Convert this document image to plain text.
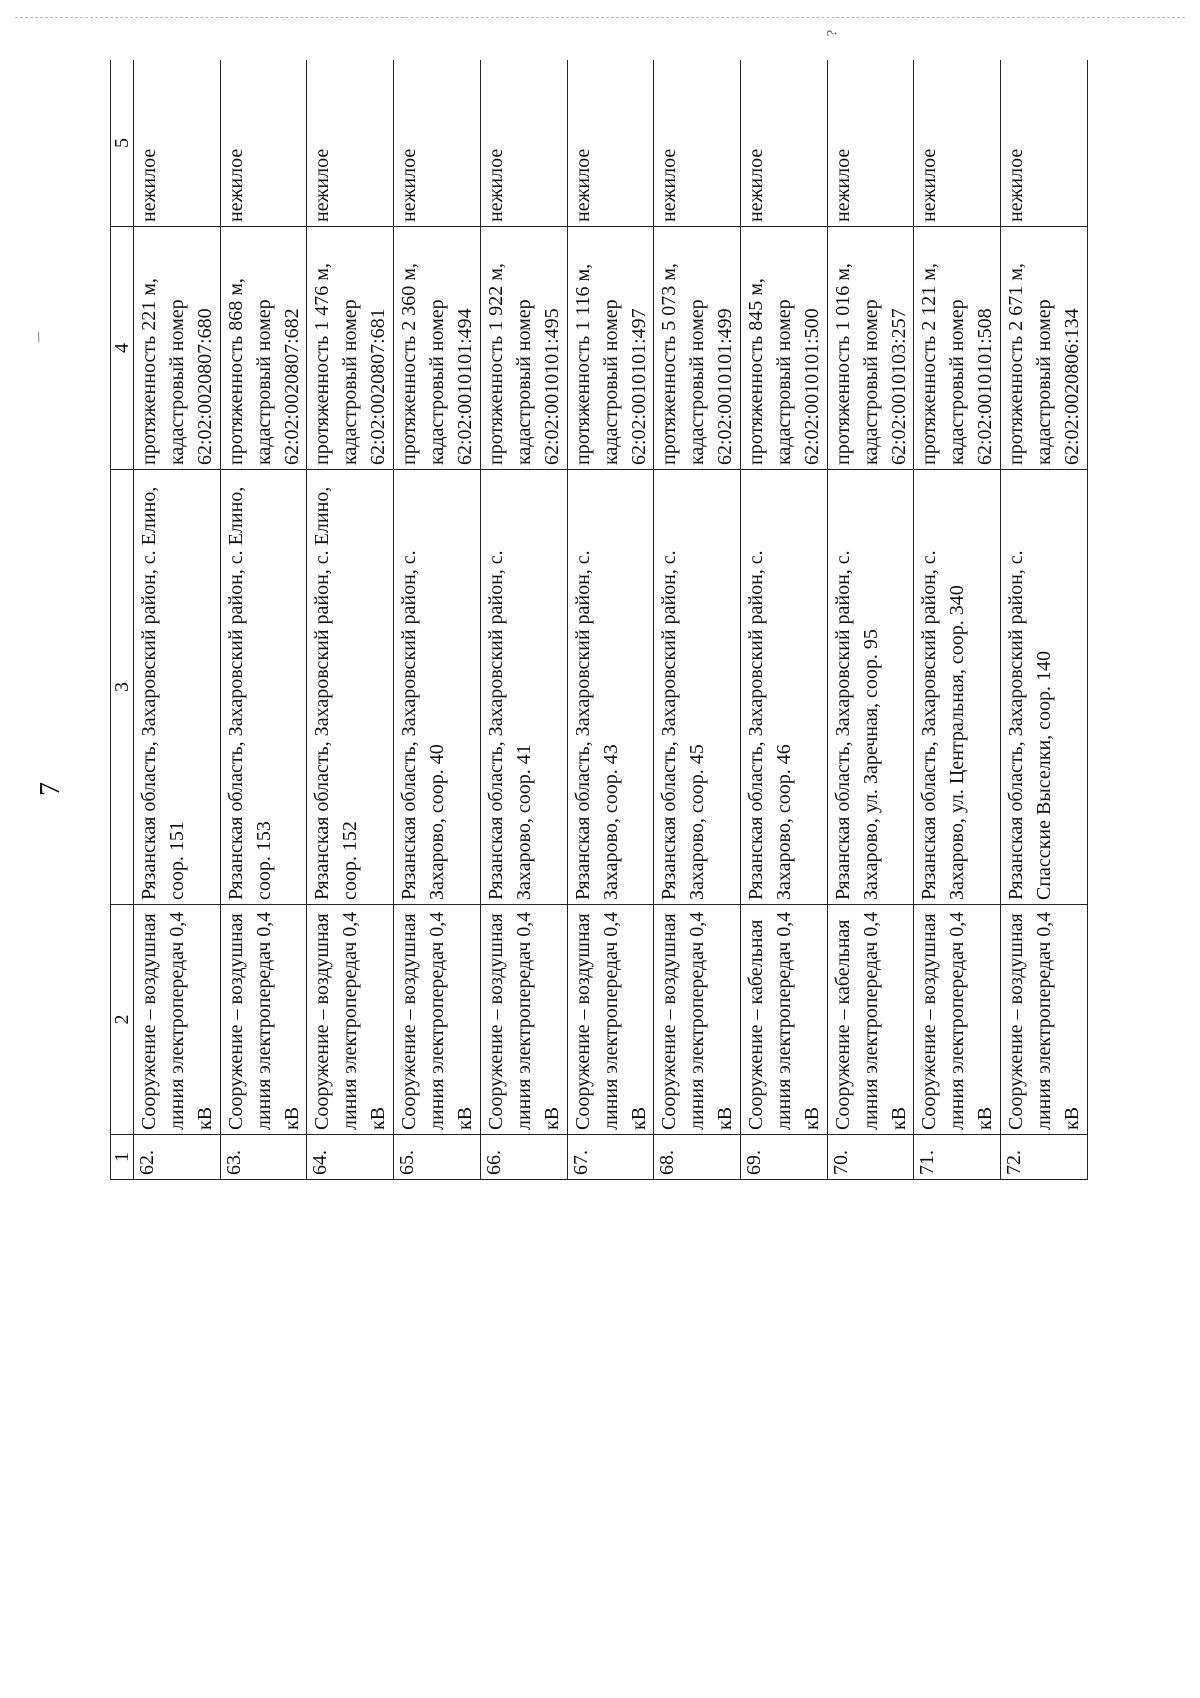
?
/
7
1	2	3	4	5
62.	Сооружение – воздушная линия электропередач 0,4 кВ	Рязанская область, Захаровский район, с. Елино, соор. 151	протяженность 221 м, кадастровый номер 62:02:0020807:680	нежилое
63.	Сооружение – воздушная линия электропередач 0,4 кВ	Рязанская область, Захаровский район, с. Елино, соор. 153	протяженность 868 м, кадастровый номер 62:02:0020807:682	нежилое
64.	Сооружение – воздушная линия электропередач 0,4 кВ	Рязанская область, Захаровский район, с. Елино, соор. 152	протяженность 1 476 м, кадастровый номер 62:02:0020807:681	нежилое
65.	Сооружение – воздушная линия электропередач 0,4 кВ	Рязанская область, Захаровский район, с. Захарово, соор. 40	протяженность 2 360 м, кадастровый номер 62:02:0010101:494	нежилое
66.	Сооружение – воздушная линия электропередач 0,4 кВ	Рязанская область, Захаровский район, с. Захарово, соор. 41	протяженность 1 922 м, кадастровый номер 62:02:0010101:495	нежилое
67.	Сооружение – воздушная линия электропередач 0,4 кВ	Рязанская область, Захаровский район, с. Захарово, соор. 43	протяженность 1 116 м, кадастровый номер 62:02:0010101:497	нежилое
68.	Сооружение – воздушная линия электропередач 0,4 кВ	Рязанская область, Захаровский район, с. Захарово, соор. 45	протяженность 5 073 м, кадастровый номер 62:02:0010101:499	нежилое
69.	Сооружение – кабельная линия электропередач 0,4 кВ	Рязанская область, Захаровский район, с. Захарово, соор. 46	протяженность 845 м, кадастровый номер 62:02:0010101:500	нежилое
70.	Сооружение – кабельная линия электропередач 0,4 кВ	Рязанская область, Захаровский район, с. Захарово, ул. Заречная, соор. 95	протяженность 1 016 м, кадастровый номер 62:02:0010103:257	нежилое
71.	Сооружение – воздушная линия электропередач 0,4 кВ	Рязанская область, Захаровский район, с. Захарово, ул. Центральная, соор. 340	протяженность 2 121 м, кадастровый номер 62:02:0010101:508	нежилое
72.	Сооружение – воздушная линия электропередач 0,4 кВ	Рязанская область, Захаровский район, с. Спасские Выселки, соор. 140	протяженность 2 671 м, кадастровый номер 62:02:0020806:134	нежилое
